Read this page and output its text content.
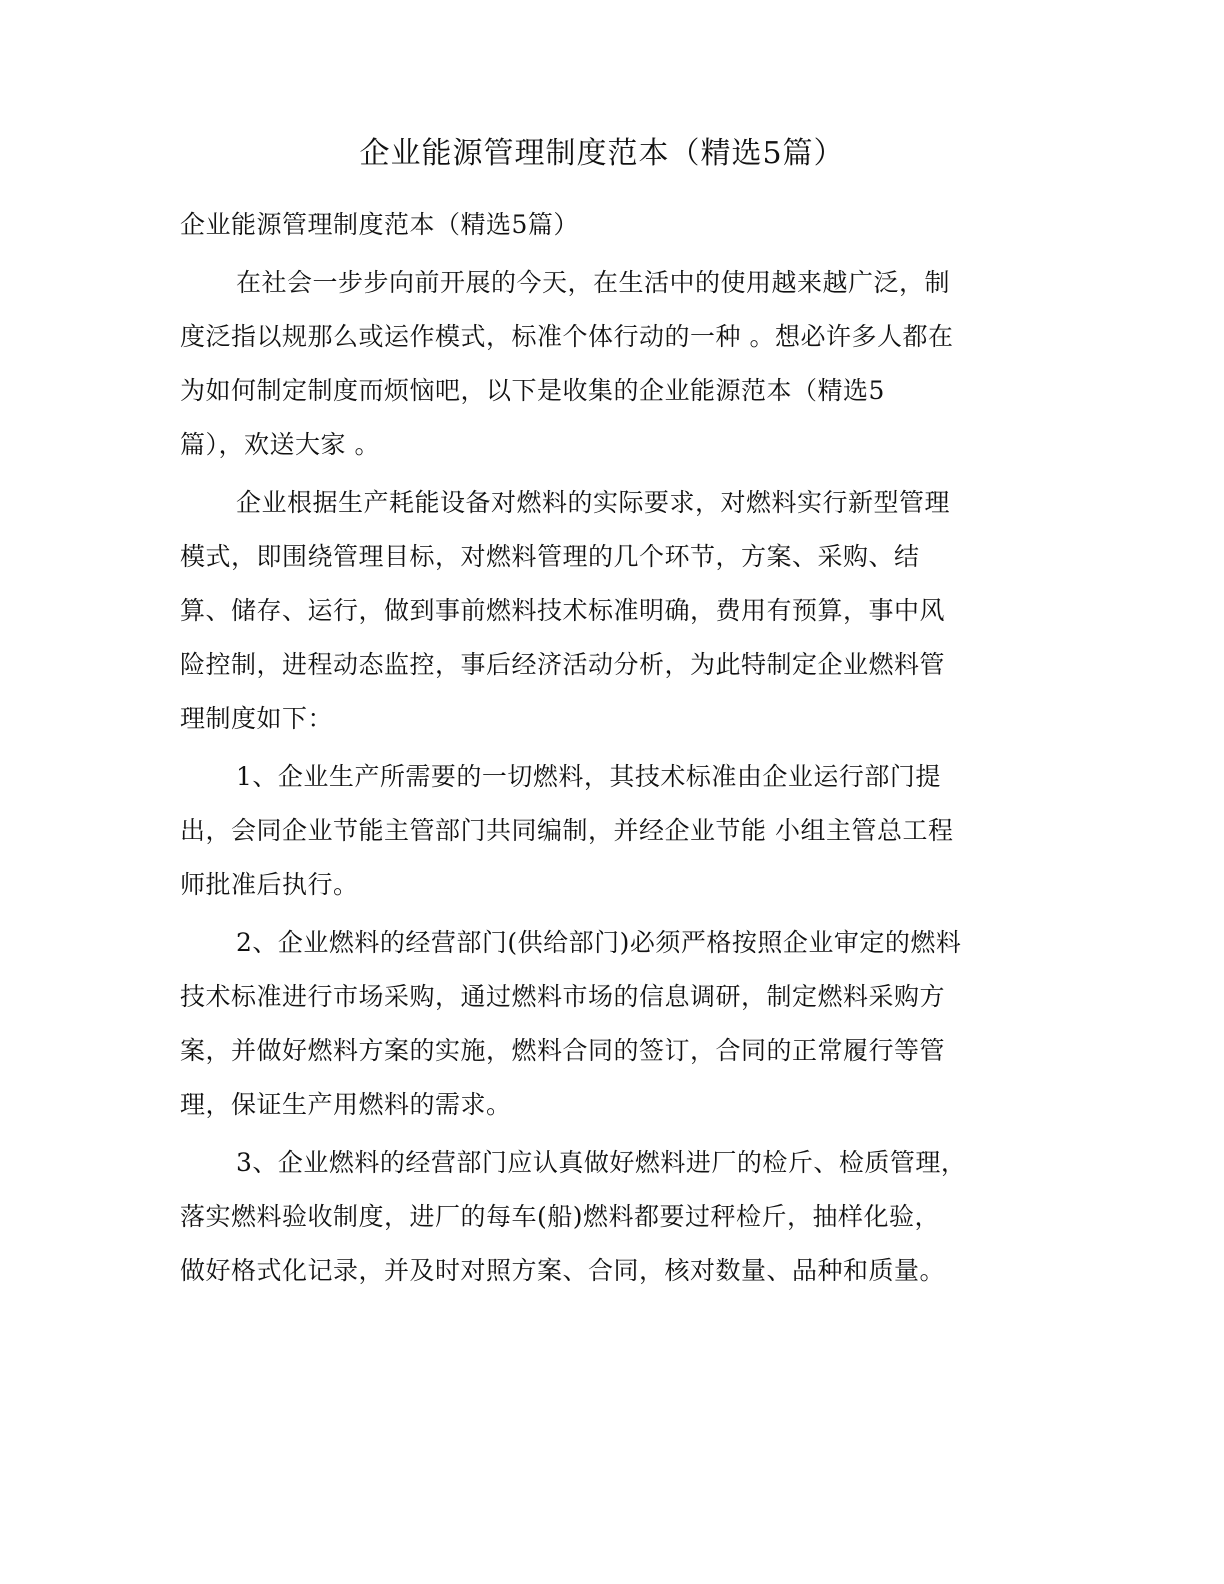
企业能源管理制度范本（精选5篇）

企业能源管理制度范本（精选5篇）

在社会一步步向前开展的今天，在生活中的使用越来越广泛，制
度泛指以规那么或运作模式，标准个体行动的一种 。想必许多人都在
为如何制定制度而烦恼吧，以下是收集的企业能源范本（精选5
篇），欢送大家 。

企业根据生产耗能设备对燃料的实际要求，对燃料实行新型管理
模式，即围绕管理目标，对燃料管理的几个环节，方案、采购、结
算、储存、运行，做到事前燃料技术标准明确，费用有预算，事中风
险控制，进程动态监控，事后经济活动分析，为此特制定企业燃料管
理制度如下：

1、企业生产所需要的一切燃料，其技术标准由企业运行部门提
出，会同企业节能主管部门共同编制，并经企业节能 小组主管总工程
师批准后执行。

2、企业燃料的经营部门(供给部门)必须严格按照企业审定的燃料
技术标准进行市场采购，通过燃料市场的信息调研，制定燃料采购方
案，并做好燃料方案的实施，燃料合同的签订，合同的正常履行等管
理，保证生产用燃料的需求。

3、企业燃料的经营部门应认真做好燃料进厂的检斤、检质管理，
落实燃料验收制度，进厂的每车(船)燃料都要过秤检斤，抽样化验，
做好格式化记录，并及时对照方案、合同，核对数量、品种和质量。
